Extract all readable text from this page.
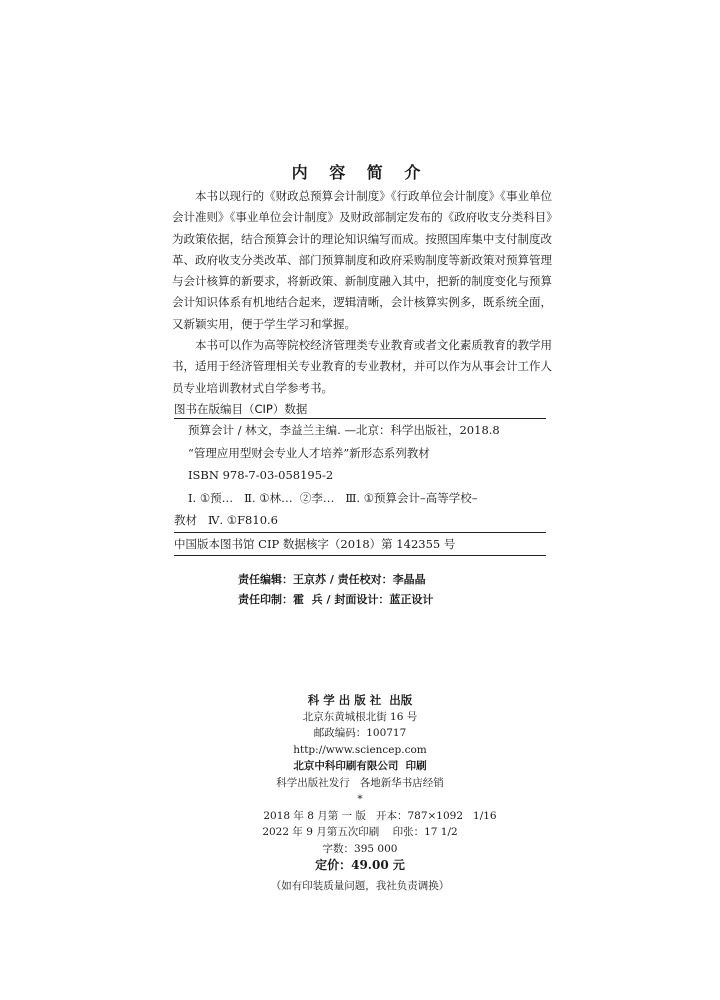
内 容 简 介

本书以现行的《财政总预算会计制度》《行政单位会计制度》《事业单位会计准则》《事业单位会计制度》及财政部制定发布的《政府收支分类科目》为政策依据，结合预算会计的理论知识编写而成。按照国库集中支付制度改革、政府收支分类改革、部门预算制度和政府采购制度等新政策对预算管理与会计核算的新要求，将新政策、新制度融入其中，把新的制度变化与预算会计知识体系有机地结合起来，逻辑清晰，会计核算实例多，既系统全面，又新颖实用，便于学生学习和掌握。

本书可以作为高等院校经济管理类专业教育或者文化素质教育的教学用书，适用于经济管理相关专业教育的专业教材，并可以作为从事会计工作人员专业培训教材式自学参考书。

图书在版编目（CIP）数据
预算会计 / 林文，李益兰主编. —北京：科学出版社，2018.8
“管理应用型财会专业人才培养”新形态系列教材
ISBN 978-7-03-058195-2
Ⅰ. ①预…   Ⅱ. ①林…  ②李…   Ⅲ. ①预算会计–高等学校–
教材   Ⅳ. ①F810.6
中国版本图书馆 CIP 数据核字（2018）第 142355 号
责任编辑：王京苏 / 责任校对：李晶晶
责任印制：霍  兵 / 封面设计：蓝正设计
科 学 出 版 社  出版
北京东黄城根北街 16 号
邮政编码：100717
http://www.sciencep.com
北京中科印刷有限公司  印刷
科学出版社发行   各地新华书店经销
*
2018 年 8 月第 一 版   开本：787×1092   1/16
2022 年 9 月第五次印刷    印张：17 1/2
字数：395 000
定价：49.00 元
（如有印装质量问题，我社负责调换）
